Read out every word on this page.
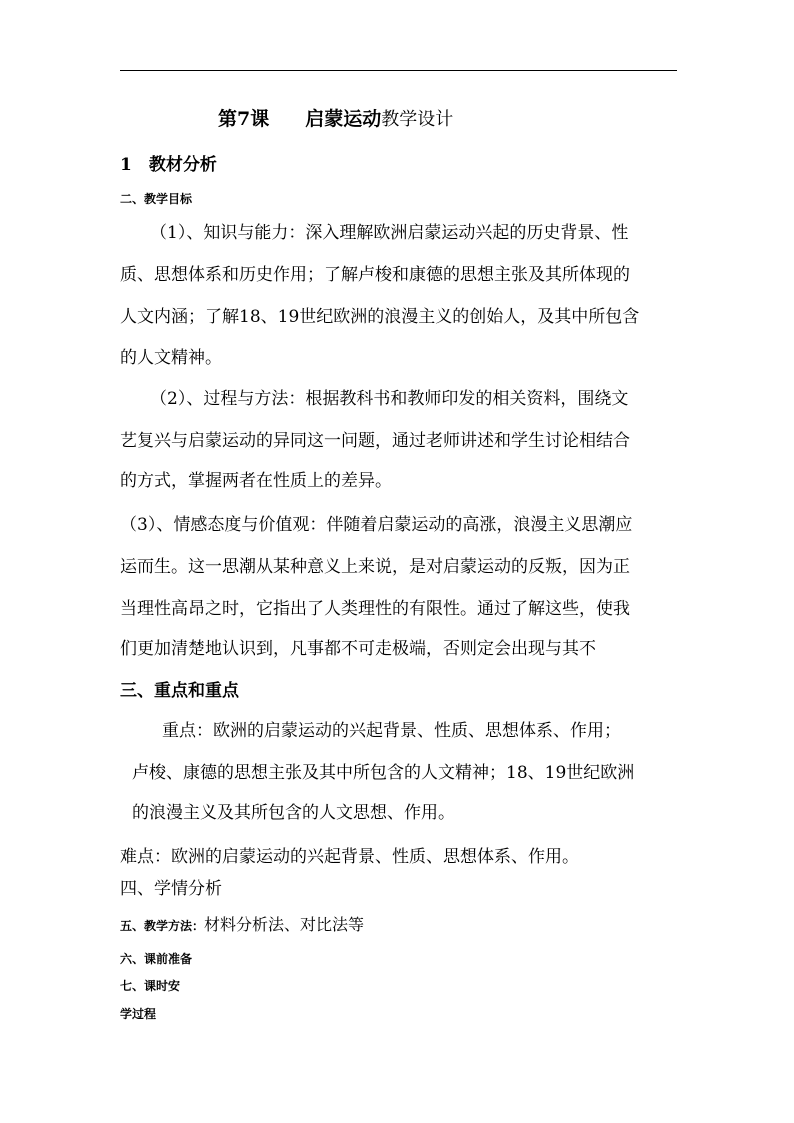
第7课 启蒙运动教学设计
1　教材分析
二、教学目标
（1）、知识与能力：深入理解欧洲启蒙运动兴起的历史背景、性
质、思想体系和历史作用；了解卢梭和康德的思想主张及其所体现的
人文内涵；了解18、19世纪欧洲的浪漫主义的创始人，及其中所包含
的人文精神。
（2）、过程与方法：根据教科书和教师印发的相关资料，围绕文
艺复兴与启蒙运动的异同这一问题，通过老师讲述和学生讨论相结合
的方式，掌握两者在性质上的差异。
（3）、情感态度与价值观：伴随着启蒙运动的高涨，浪漫主义思潮应
运而生。这一思潮从某种意义上来说，是对启蒙运动的反叛，因为正
当理性高昂之时，它指出了人类理性的有限性。通过了解这些，使我
们更加清楚地认识到，凡事都不可走极端，否则定会出现与其不
三、重点和重点
重点：欧洲的启蒙运动的兴起背景、性质、思想体系、作用；
卢梭、康德的思想主张及其中所包含的人文精神；18、19世纪欧洲
的浪漫主义及其所包含的人文思想、作用。
难点：欧洲的启蒙运动的兴起背景、性质、思想体系、作用。
四、学情分析
五、教学方法：材料分析法、对比法等
六、课前准备
七、课时安
学过程
